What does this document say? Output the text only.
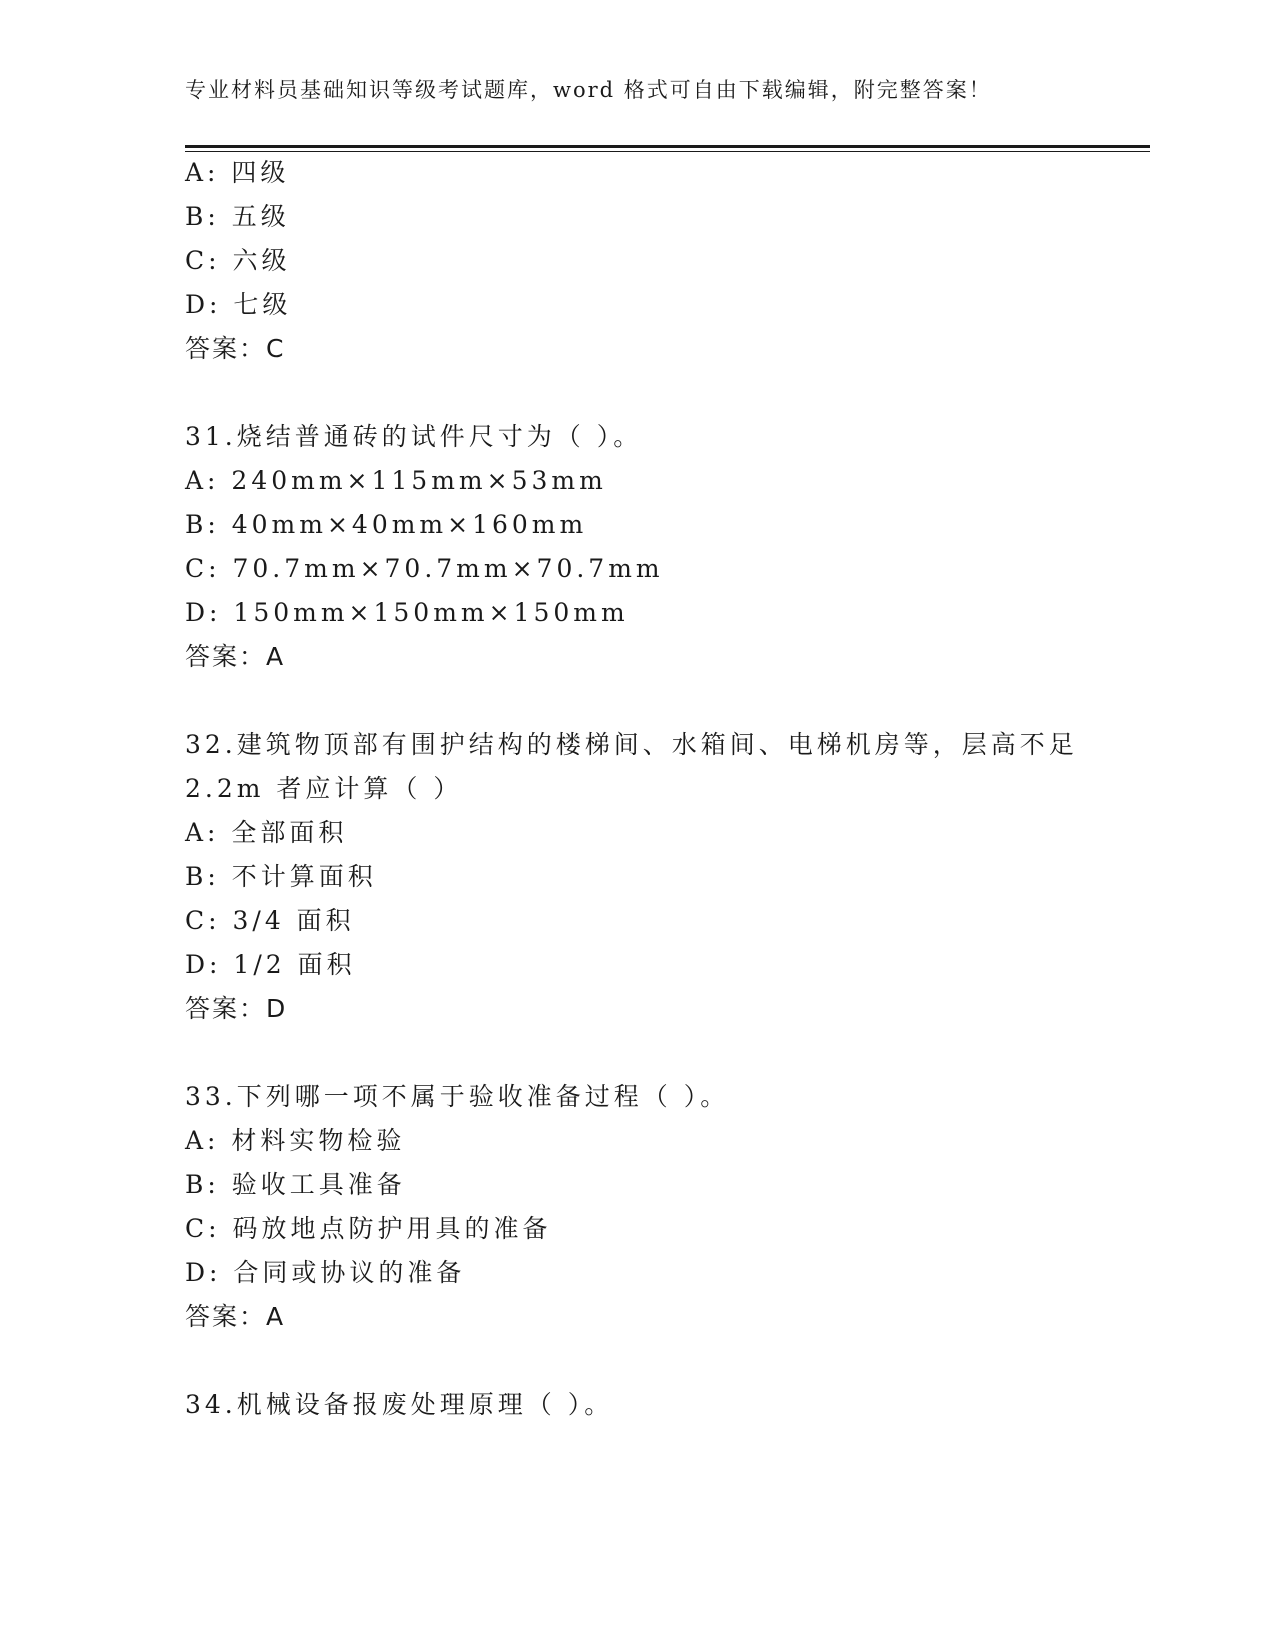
专业材料员基础知识等级考试题库，word 格式可自由下载编辑，附完整答案！
A: 四级
B: 五级
C: 六级
D: 七级
答案：C
31.烧结普通砖的试件尺寸为（ ）。
A: 240mm×115mm×53mm
B: 40mm×40mm×160mm
C: 70.7mm×70.7mm×70.7mm
D: 150mm×150mm×150mm
答案：A
32.建筑物顶部有围护结构的楼梯间、水箱间、电梯机房等，层高不足
2.2m 者应计算（ ）
A: 全部面积
B: 不计算面积
C: 3/4 面积
D: 1/2 面积
答案：D
33.下列哪一项不属于验收准备过程（ ）。
A: 材料实物检验
B: 验收工具准备
C: 码放地点防护用具的准备
D: 合同或协议的准备
答案：A
34.机械设备报废处理原理（ ）。
